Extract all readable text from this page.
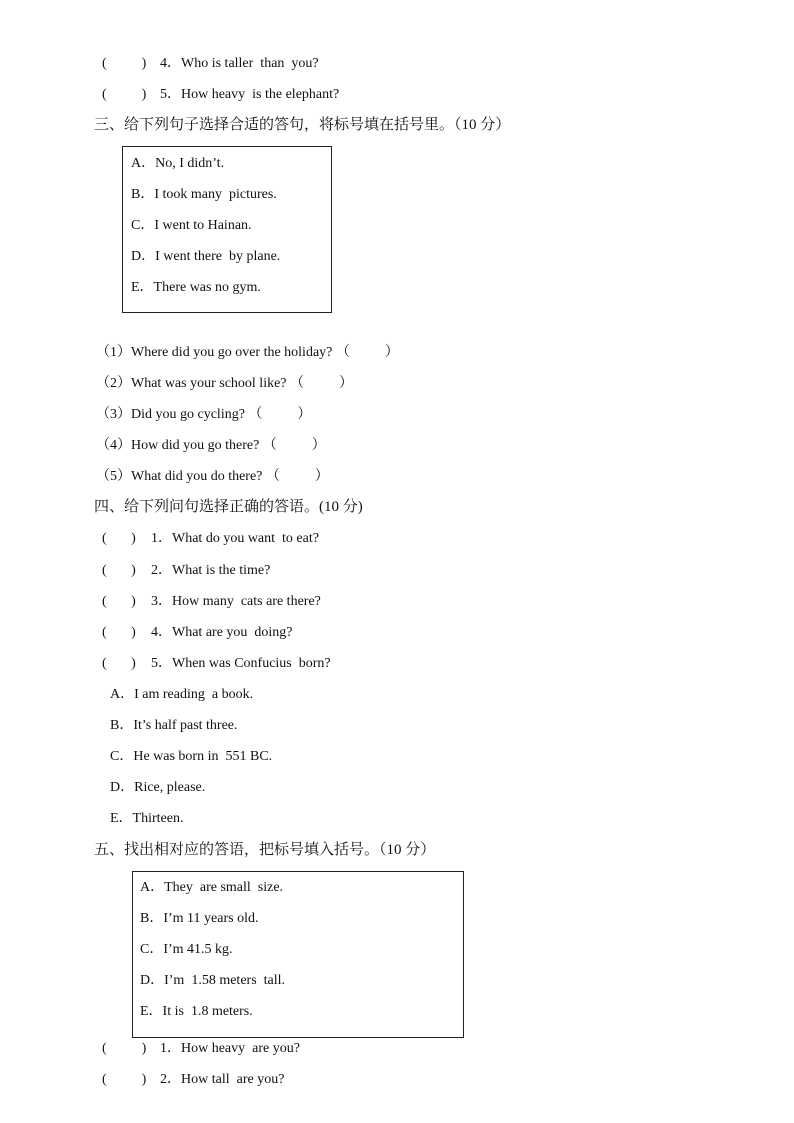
(          ) 4．Who is taller  than  you?
(          ) 5．How heavy  is the elephant?
三、给下列句子选择合适的答句，将标号填在括号里。（10 分）
A．No, I didn’t.
B．I took many  pictures.
C．I went to Hainan.
D．I went there  by plane.
E．There was no gym.
（1）Where did you go over the holiday? （          ）
（2）What was your school like? （          ）
（3）Did you go cycling? （          ）
（4）How did you go there? （          ）
（5）What did you do there? （          ）
四、给下列问句选择正确的答语。(10 分)
(       ) 1．What do you want  to eat?
(       ) 2．What is the time?
(       ) 3．How many  cats are there?
(       ) 4．What are you  doing?
(       ) 5．When was Confucius  born?
A．I am reading  a book.
B．It’s half past three.
C．He was born in  551 BC.
D．Rice, please.
E．Thirteen.
五、找出相对应的答语，把标号填入括号。（10 分）
A．They  are small  size.
B．I’m 11 years old.
C．I’m 41.5 kg.
D．I’m  1.58 meters  tall.
E．It is  1.8 meters.
(          ) 1．How heavy  are you?
(          ) 2．How tall  are you?
